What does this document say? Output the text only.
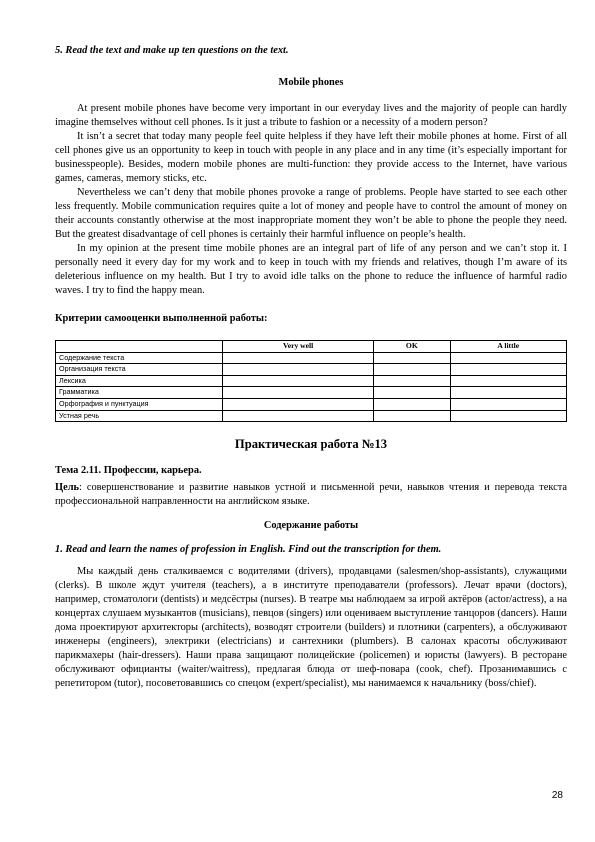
5. Read the text and make up ten questions on the text.

Mobile phones

At present mobile phones have become very important in our everyday lives and the majority of people can hardly imagine themselves without cell phones. Is it just a tribute to fashion or a necessity of a modern person?

It isn’t a secret that today many people feel quite helpless if they have left their mobile phones at home. First of all cell phones give us an opportunity to keep in touch with people in any place and in any time (it’s especially important for businesspeople). Besides, modern mobile phones are multi-function: they provide access to the Internet, have various games, cameras, memory sticks, etc.

Nevertheless we can’t deny that mobile phones provoke a range of problems. People have started to see each other less frequently. Mobile communication requires quite a lot of money and people have to control the amount of money on their accounts constantly otherwise at the most inappropriate moment they won’t be able to phone the people they need. But the greatest disadvantage of cell phones is certainly their harmful influence on people’s health.

In my opinion at the present time mobile phones are an integral part of life of any person and we can’t stop it. I personally need it every day for my work and to keep in touch with my friends and relatives, though I’m aware of its deleterious influence on my health. But I try to avoid idle talks on the phone to reduce the influence of harmful radio waves. I try to find the happy mean.

Критерии самооценки выполненной работы:

	Very well	OK	A little
Содержание текста			
Организация текста			
Лексика			
Грамматика			
Орфография и пунктуация			
Устная речь			

Практическая работа №13

Тема 2.11. Профессии, карьера.

Цель: совершенствование и развитие навыков устной и письменной речи, навыков чтения и перевода текста профессиональной направленности на английском языке.

Содержание работы

1. Read and learn the names of profession in English. Find out the transcription for them.

Мы каждый день сталкиваемся с водителями (drivers), продавцами (salesmen/shop-assistants), служащими (clerks). В школе ждут учителя (teachers), а в институте преподаватели (professors). Лечат врачи (doctors), например, стоматологи (dentists) и медсёстры (nurses). В театре мы наблюдаем за игрой актёров (actor/actress), а на концертах слушаем музыкантов (musicians), певцов (singers) или оцениваем выступление танцоров (dancers). Наши дома проектируют архитекторы (architects), возводят строители (builders) и плотники (carpenters), а обслуживают инженеры (engineers), электрики (electricians) и сантехники (plumbers). В салонах красоты обслуживают парикмахеры (hair-dressers). Наши права защищают полицейские (policemen) и юристы (lawyers). В ресторане обслуживают официанты (waiter/waitress), предлагая блюда от шеф-повара (cook, chef). Прозанимавшись с репетитором (tutor), посоветовавшись со спецом (expert/specialist), мы нанимаемся к начальнику (boss/chief).

28
